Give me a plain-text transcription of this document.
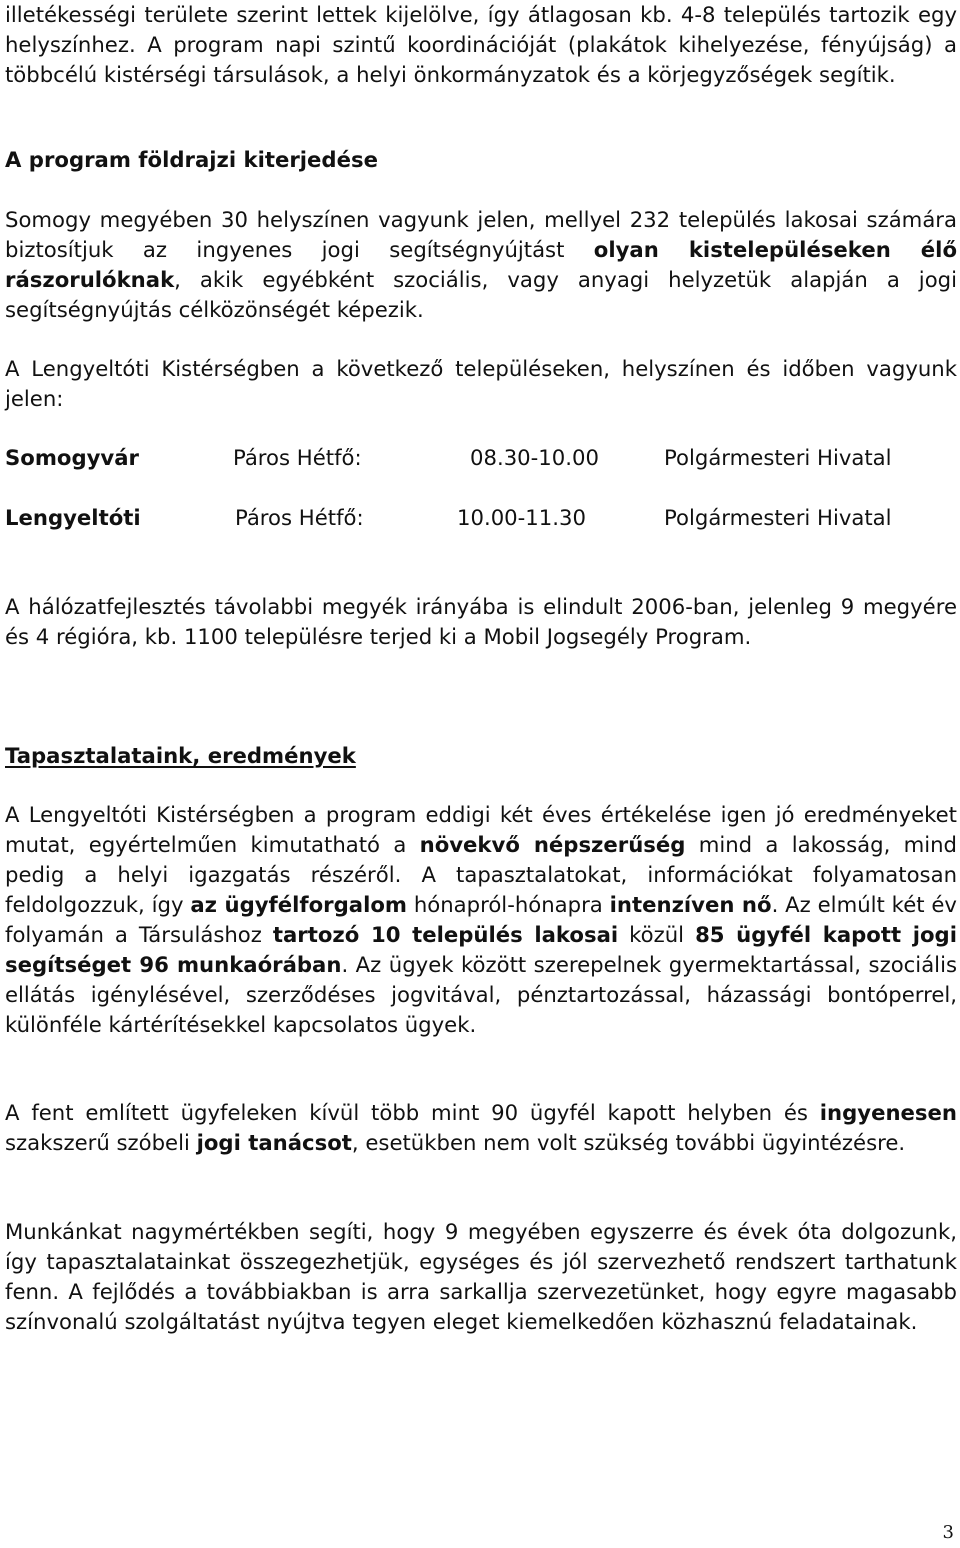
illetékességi területe szerint lettek kijelölve, így átlagosan kb. 4-8 település tartozik egy helyszínhez. A program napi szintű koordinációját (plakátok kihelyezése, fényújság) a többcélú kistérségi társulások, a helyi önkormányzatok és a körjegyzőségek segítik.
A program földrajzi kiterjedése
Somogy megyében 30 helyszínen vagyunk jelen, mellyel 232 település lakosai számára biztosítjuk az ingyenes jogi segítségnyújtást olyan kistelepüléseken élő rászorulóknak, akik egyébként szociális, vagy anyagi helyzetük alapján a jogi segítségnyújtás célközönségét képezik.
A Lengyeltóti Kistérségben a következő településeken, helyszínen és időben vagyunk jelen:
Somogyvár	Páros Hétfő:	08.30-10.00	Polgármesteri Hivatal
Lengyeltóti	Páros Hétfő:	10.00-11.30	Polgármesteri Hivatal
A hálózatfejlesztés távolabbi megyék irányába is elindult 2006-ban, jelenleg 9 megyére és 4 régióra, kb. 1100 településre terjed ki a Mobil Jogsegély Program.
Tapasztalataink, eredmények
A Lengyeltóti Kistérségben a program eddigi két éves értékelése igen jó eredményeket mutat, egyértelműen kimutatható a növekvő népszerűség mind a lakosság, mind pedig a helyi igazgatás részéről. A tapasztalatokat, információkat folyamatosan feldolgozzuk, így az ügyfélforgalom hónapról-hónapra intenzíven nő. Az elmúlt két év folyamán a Társuláshoz tartozó 10 település lakosai közül 85 ügyfél kapott jogi segítséget 96 munkaórában. Az ügyek között szerepelnek gyermektartással, szociális ellátás igénylésével, szerződéses jogvitával, pénztartozással, házassági bontóperrel, különféle kártérítésekkel kapcsolatos ügyek.
A fent említett ügyfeleken kívül több mint 90 ügyfél kapott helyben és ingyenesen szakszerű szóbeli jogi tanácsot, esetükben nem volt szükség további ügyintézésre.
Munkánkat nagymértékben segíti, hogy 9 megyében egyszerre és évek óta dolgozunk, így tapasztalatainkat összegezhetjük, egységes és jól szervezhető rendszert tarthatunk fenn. A fejlődés a továbbiakban is arra sarkallja szervezetünket, hogy egyre magasabb színvonalú szolgáltatást nyújtva tegyen eleget kiemelkedően közhasznú feladatainak.
3
